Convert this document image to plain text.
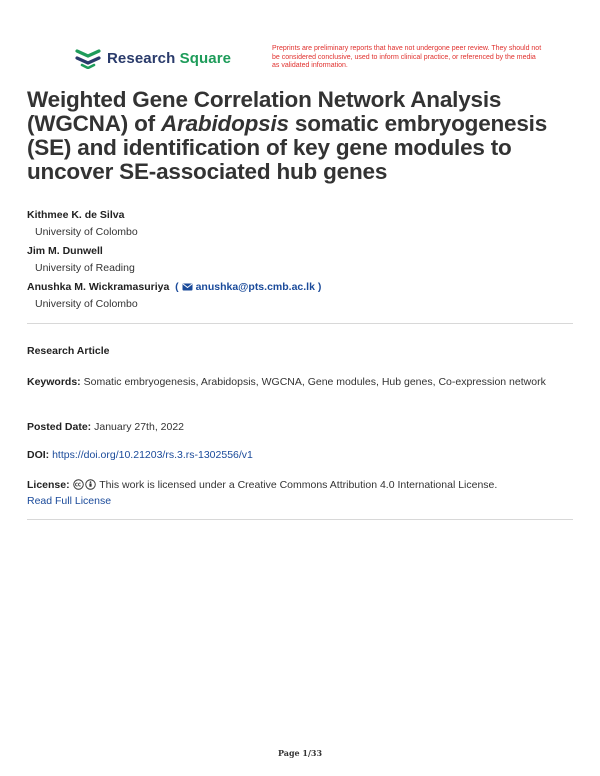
Research Square
Preprints are preliminary reports that have not undergone peer review. They should not be considered conclusive, used to inform clinical practice, or referenced by the media as validated information.
Weighted Gene Correlation Network Analysis (WGCNA) of Arabidopsis somatic embryogenesis (SE) and identification of key gene modules to uncover SE-associated hub genes
Kithmee K. de Silva
University of Colombo
Jim M. Dunwell
University of Reading
Anushka M. Wickramasuriya  ( anushka@pts.cmb.ac.lk )
University of Colombo
Research Article
Keywords: Somatic embryogenesis, Arabidopsis, WGCNA, Gene modules, Hub genes, Co-expression network
Posted Date: January 27th, 2022
DOI: https://doi.org/10.21203/rs.3.rs-1302556/v1
License:	This work is licensed under a Creative Commons Attribution 4.0 International License.
Read Full License
Page 1/33
